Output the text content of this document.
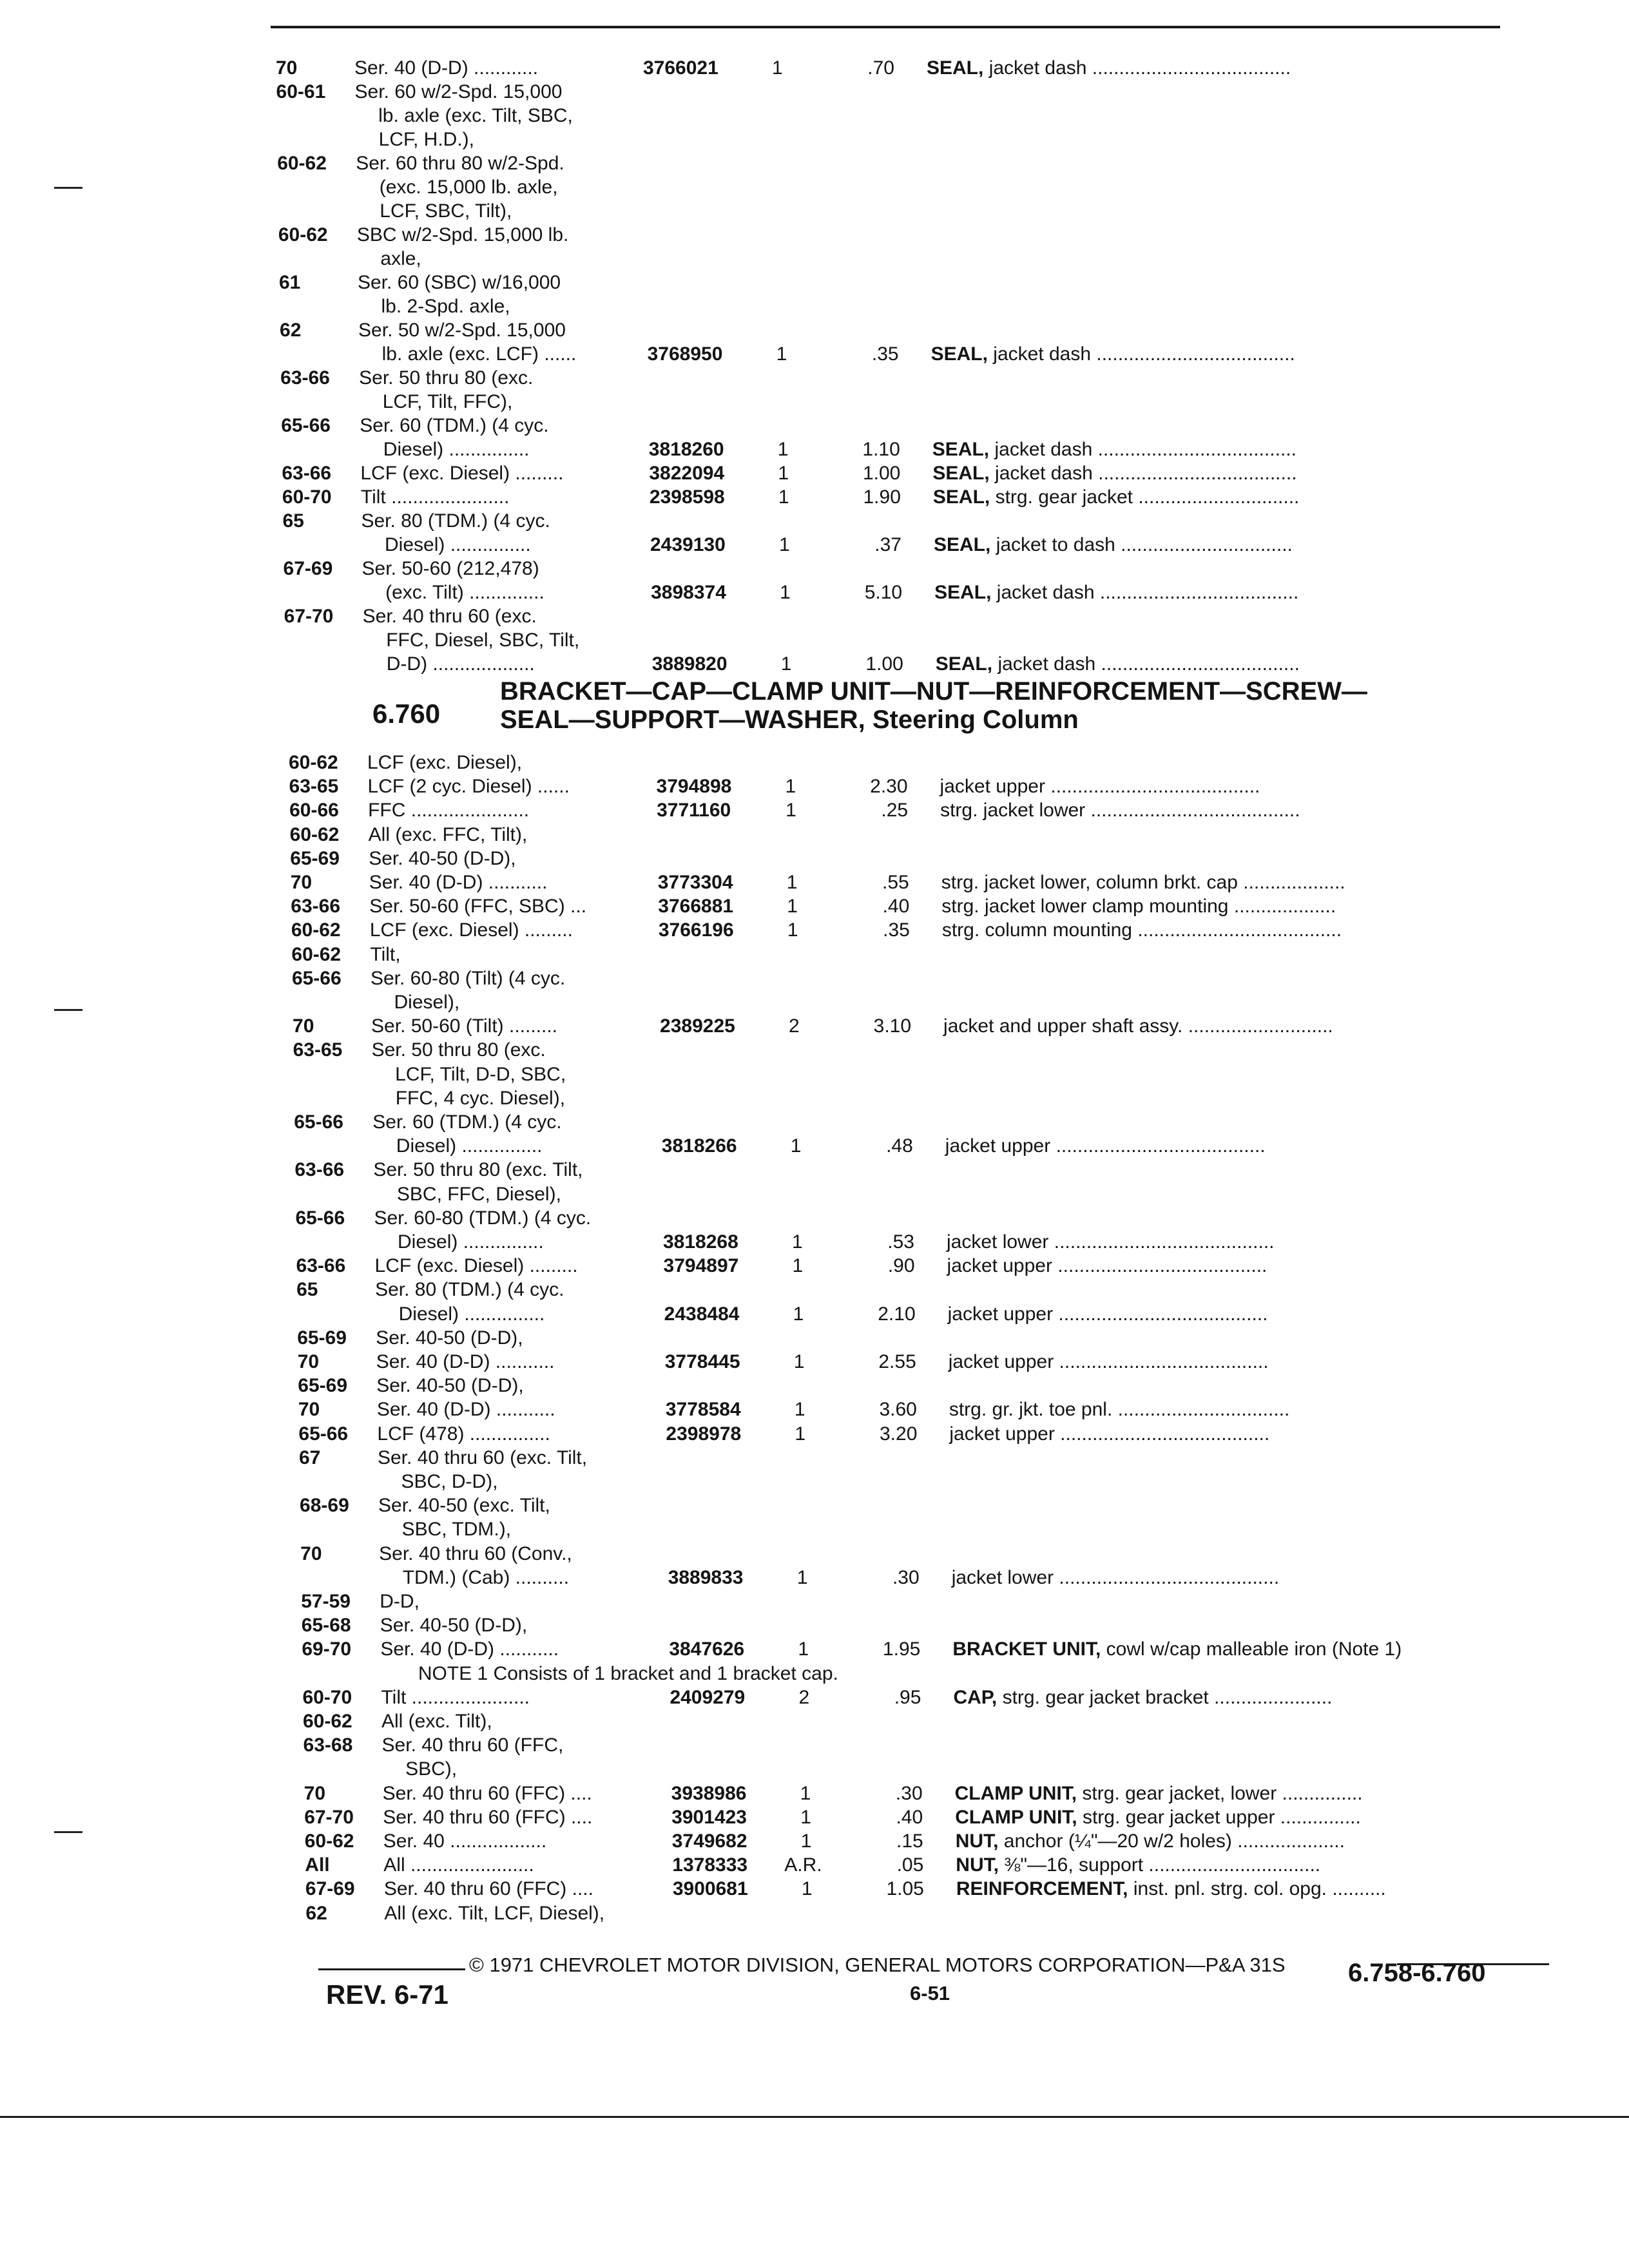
70	Ser. 40 (D-D) ............	3766021	1	.70 SEAL, jacket dash .....................................
60-61 Ser. 60 w/2-Spd. 15,000
lb. axle (exc. Tilt, SBC,
LCF, H.D.),
60-62 Ser. 60 thru 80 w/2-Spd.
(exc. 15,000 lb. axle,
LCF, SBC, Tilt),
60-62 SBC w/2-Spd. 15,000 lb.
axle,
61	Ser. 60 (SBC) w/16,000
lb. 2-Spd. axle,
62	Ser. 50 w/2-Spd. 15,000
lb. axle (exc. LCF) ......	3768950	1	.35 SEAL, jacket dash .....................................
63-66 Ser. 50 thru 80 (exc.
LCF, Tilt, FFC),
65-66 Ser. 60 (TDM.) (4 cyc.
Diesel) ...............	3818260	1	1.10 SEAL, jacket dash .....................................
63-66 LCF (exc. Diesel) .........	3822094	1	1.00 SEAL, jacket dash .....................................
60-70 Tilt ......................	2398598	1	1.90 SEAL, strg. gear jacket ..............................
65	Ser. 80 (TDM.) (4 cyc.
Diesel) ...............	2439130	1	.37 SEAL, jacket to dash ................................
67-69 Ser. 50-60 (212,478)
(exc. Tilt) ..............	3898374	1	5.10 SEAL, jacket dash .....................................
67-70 Ser. 40 thru 60 (exc.
FFC, Diesel, SBC, Tilt,
D-D) ...................	3889820	1	1.00 SEAL, jacket dash .....................................
6.760
BRACKET—CAP—CLAMP UNIT—NUT—REINFORCEMENT—SCREW—
SEAL—SUPPORT—WASHER, Steering Column
60-62 LCF (exc. Diesel),
63-65 LCF (2 cyc. Diesel) ......	3794898	1	2.30 jacket upper .......................................
60-66 FFC ......................	3771160	1	.25 strg. jacket lower .......................................
60-62 All (exc. FFC, Tilt),
65-69 Ser. 40-50 (D-D),
70	Ser. 40 (D-D) ...........	3773304	1	.55 strg. jacket lower, column brkt. cap ...................
63-66 Ser. 50-60 (FFC, SBC) ...	3766881	1	.40 strg. jacket lower clamp mounting ...................
60-62 LCF (exc. Diesel) .........	3766196	1	.35 strg. column mounting ......................................
60-62 Tilt,
65-66 Ser. 60-80 (Tilt) (4 cyc.
Diesel),
70	Ser. 50-60 (Tilt) .........	2389225	2	3.10 jacket and upper shaft assy. ...........................
63-65 Ser. 50 thru 80 (exc.
LCF, Tilt, D-D, SBC,
FFC, 4 cyc. Diesel),
65-66 Ser. 60 (TDM.) (4 cyc.
Diesel) ...............	3818266	1	.48 jacket upper .......................................
63-66 Ser. 50 thru 80 (exc. Tilt,
SBC, FFC, Diesel),
65-66 Ser. 60-80 (TDM.) (4 cyc.
Diesel) ...............	3818268	1	.53 jacket lower .........................................
63-66 LCF (exc. Diesel) .........	3794897	1	.90 jacket upper .......................................
65	Ser. 80 (TDM.) (4 cyc.
Diesel) ...............	2438484	1	2.10 jacket upper .......................................
65-69 Ser. 40-50 (D-D),
70	Ser. 40 (D-D) ...........	3778445	1	2.55 jacket upper .......................................
65-69 Ser. 40-50 (D-D),
70	Ser. 40 (D-D) ...........	3778584	1	3.60 strg. gr. jkt. toe pnl. ................................
65-66 LCF (478) ...............	2398978	1	3.20 jacket upper .......................................
67	Ser. 40 thru 60 (exc. Tilt,
SBC, D-D),
68-69 Ser. 40-50 (exc. Tilt,
SBC, TDM.),
70	Ser. 40 thru 60 (Conv.,
TDM.) (Cab) ..........	3889833	1	.30 jacket lower .........................................
57-59 D-D,
65-68 Ser. 40-50 (D-D),
69-70 Ser. 40 (D-D) ...........	3847626	1	1.95 BRACKET UNIT, cowl w/cap malleable iron (Note 1)
NOTE 1 Consists of 1 bracket and 1 bracket cap.
60-70 Tilt ......................	2409279	2	.95 CAP, strg. gear jacket bracket ......................
60-62 All (exc. Tilt),
63-68 Ser. 40 thru 60 (FFC,
SBC),
70	Ser. 40 thru 60 (FFC) ....	3938986	1	.30 CLAMP UNIT, strg. gear jacket, lower ...............
67-70 Ser. 40 thru 60 (FFC) ....	3901423	1	.40 CLAMP UNIT, strg. gear jacket upper ...............
60-62 Ser. 40 ..................	3749682	1	.15 NUT, anchor (¼"—20 w/2 holes) ....................
All	All .......................	1378333 A.R.	.05 NUT, ⅜"—16, support ................................
67-69 Ser. 40 thru 60 (FFC) ....	3900681	1	1.05 REINFORCEMENT, inst. pnl. strg. col. opg. ..........
62	All (exc. Tilt, LCF, Diesel),
© 1971 CHEVROLET MOTOR DIVISION, GENERAL MOTORS CORPORATION—P&A 31S
REV. 6-71	6-51
6.758-6.760
